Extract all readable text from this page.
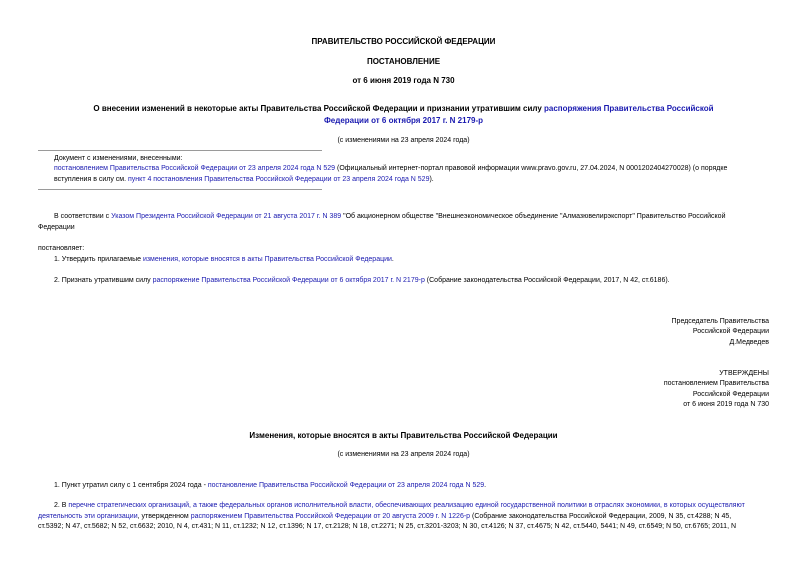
ПРАВИТЕЛЬСТВО РОССИЙСКОЙ ФЕДЕРАЦИИ
ПОСТАНОВЛЕНИЕ
от 6 июня 2019 года N 730
О внесении изменений в некоторые акты Правительства Российской Федерации и признании утратившим силу распоряжения Правительства Российской
Федерации от 6 октября 2017 г. N 2179-р
(с изменениями на 23 апреля 2024 года)
Документ с изменениями, внесенными:
постановлением Правительства Российской Федерации от 23 апреля 2024 года N 529 (Официальный интернет-портал правовой информации www.pravo.gov.ru, 27.04.2024, N 0001202404270028) (о порядке
вступления в силу см. пункт 4 постановления Правительства Российской Федерации от 23 апреля 2024 года N 529).
В соответствии с Указом Президента Российской Федерации от 21 августа 2017 г. N 389 "Об акционерном обществе "Внешнеэкономическое объединение "Алмазювелирэкспорт" Правительство Российской
Федерации
постановляет:
1. Утвердить прилагаемые изменения, которые вносятся в акты Правительства Российской Федерации.
2. Признать утратившим силу распоряжение Правительства Российской Федерации от 6 октября 2017 г. N 2179-р (Собрание законодательства Российской Федерации, 2017, N 42, ст.6186).
Председатель Правительства
Российской Федерации
Д.Медведев
УТВЕРЖДЕНЫ
постановлением Правительства
Российской Федерации
от 6 июня 2019 года N 730
Изменения, которые вносятся в акты Правительства Российской Федерации
(с изменениями на 23 апреля 2024 года)
1. Пункт утратил силу с 1 сентября 2024 года - постановление Правительства Российской Федерации от 23 апреля 2024 года N 529.
2. В перечне стратегических организаций, а также федеральных органов исполнительной власти, обеспечивающих реализацию единой государственной политики в отраслях экономики, в которых осуществляют
деятельность эти организации, утвержденном распоряжением Правительства Российской Федерации от 20 августа 2009 г. N 1226-р (Собрание законодательства Российской Федерации, 2009, N 35, ст.4288; N 45,
ст.5392; N 47, ст.5682; N 52, ст.6632; 2010, N 4, ст.431; N 11, ст.1232; N 12, ст.1396; N 17, ст.2128; N 18, ст.2271; N 25, ст.3201-3203; N 30, ст.4126; N 37, ст.4675; N 42, ст.5440, 5441; N 49, ст.6549; N 50, ст.6765; 2011, N
